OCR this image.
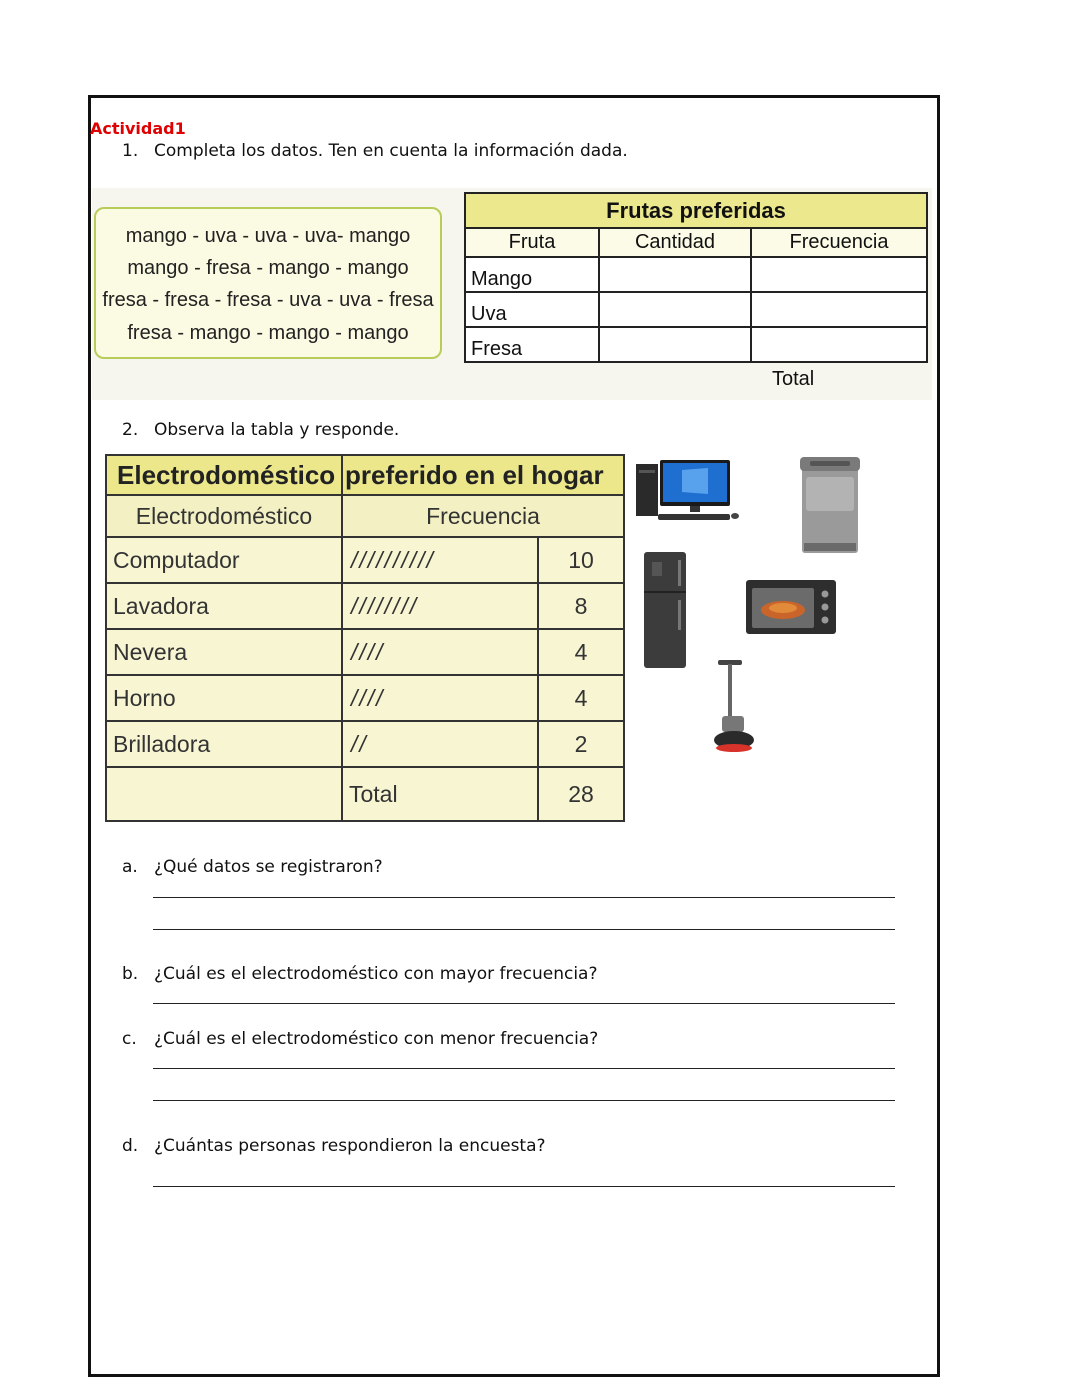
Actividad1
1. Completa los datos. Ten en cuenta la información dada.
mango - uva - uva - uva- mango
mango - fresa - mango - mango
fresa - fresa - fresa - uva - uva - fresa
fresa - mango - mango - mango
Frutas preferidas		
Fruta	Cantidad	Frecuencia
Mango		
Uva		
Fresa		
Total
2. Observa la tabla y responde.
Electrodoméstico	preferido en el hogar	
Electrodoméstico	Frecuencia	
Computador	//////////	10
Lavadora	////////	8
Nevera	////	4
Horno	////	4
Brilladora	//	2
	Total	28
a. ¿Qué datos se registraron?
b. ¿Cuál es el electrodoméstico con mayor frecuencia?
c. ¿Cuál es el electrodoméstico con menor frecuencia?
d. ¿Cuántas personas respondieron la encuesta?
